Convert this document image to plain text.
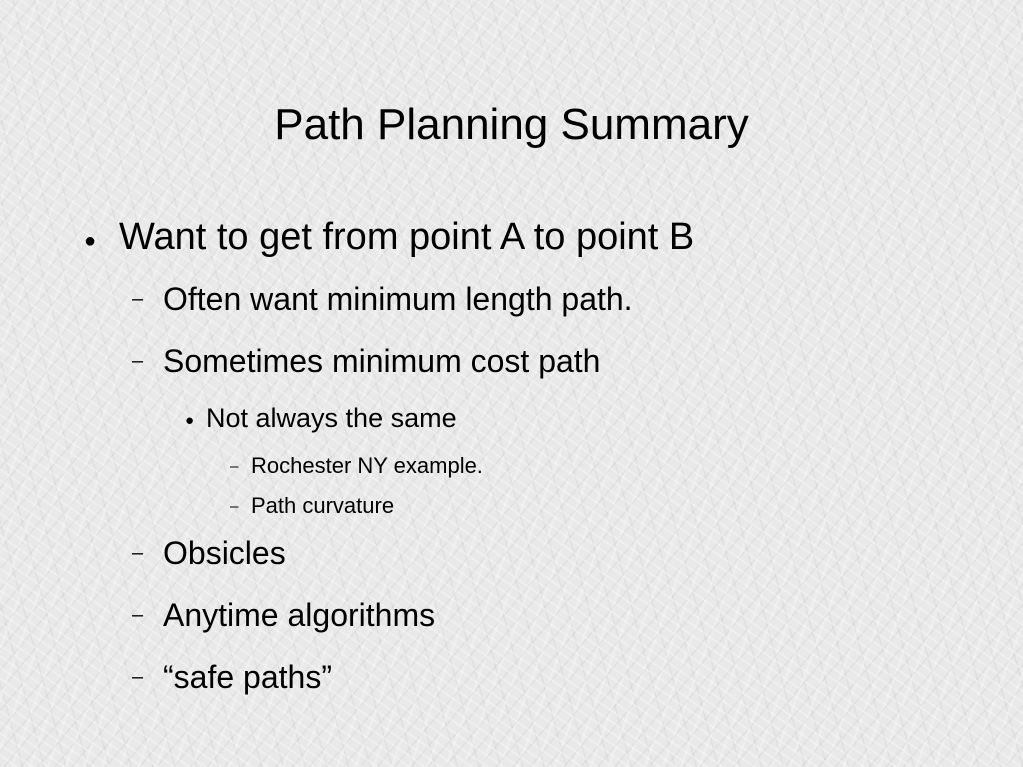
Path Planning Summary
● Want to get from point A to point B
– Often want minimum length path.
– Sometimes minimum cost path
● Not always the same
– Rochester NY example.
– Path curvature
– Obsicles
– Anytime algorithms
– “safe paths”
